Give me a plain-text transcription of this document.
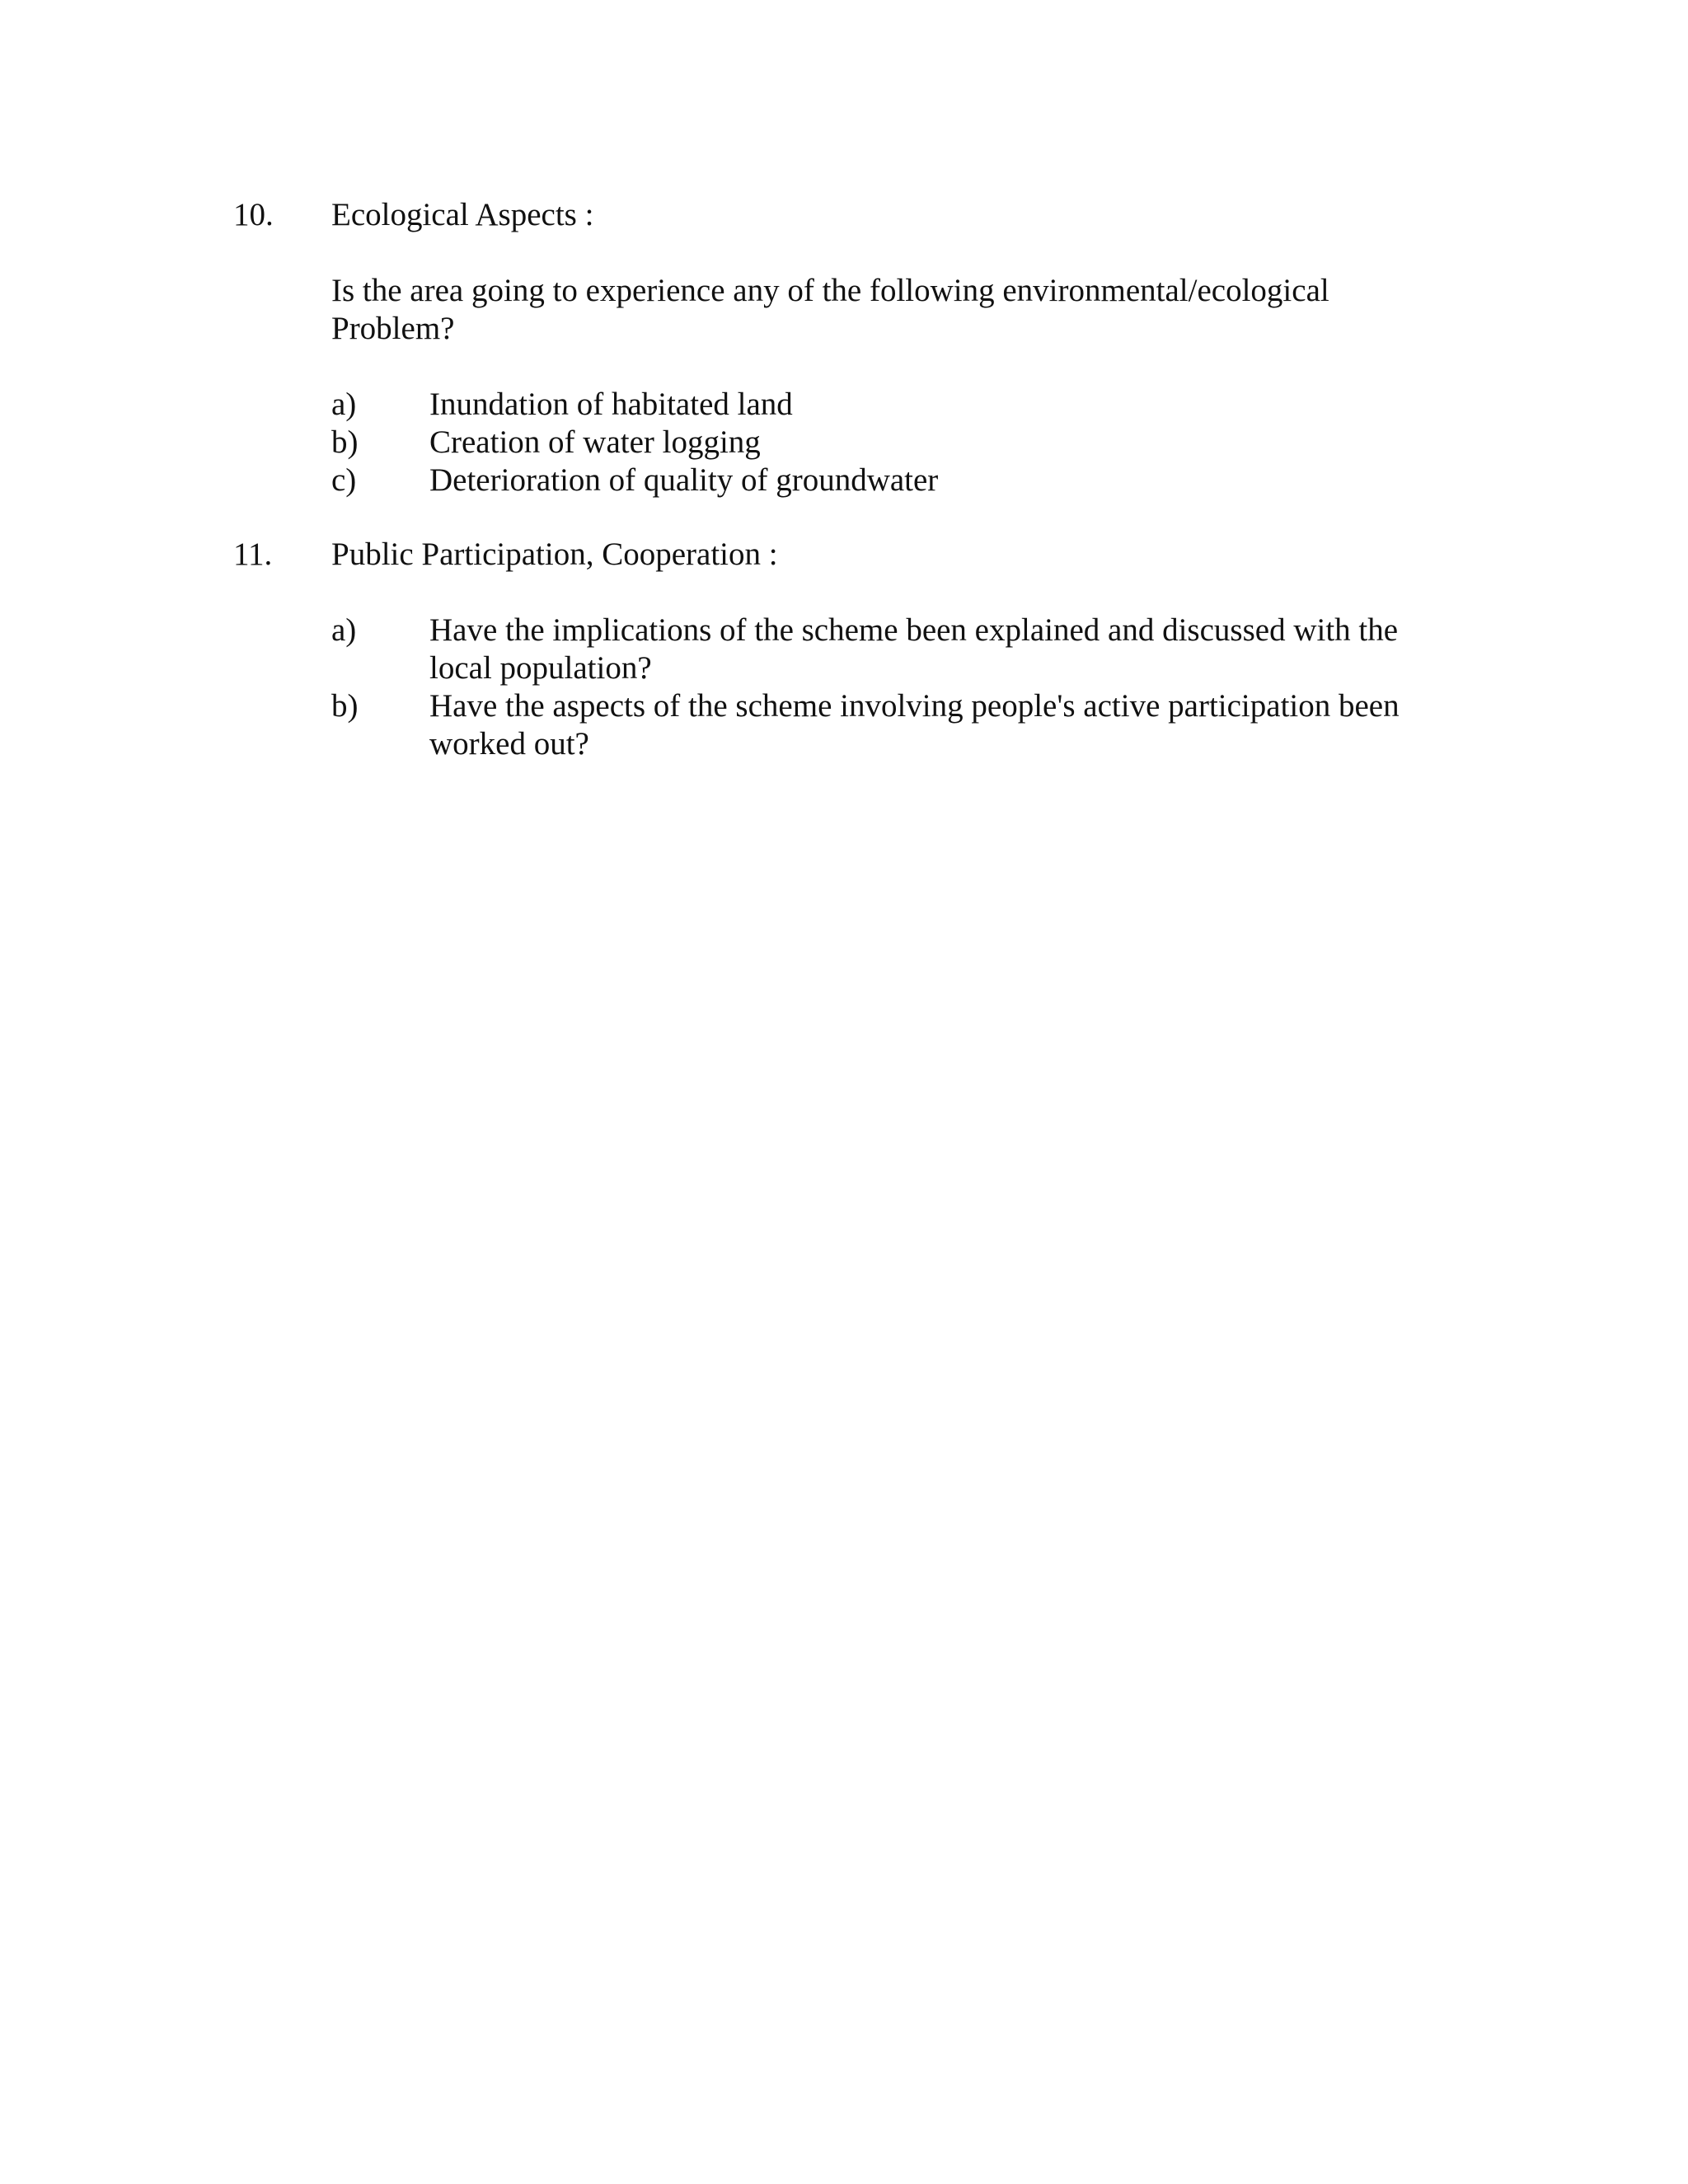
10.	Ecological Aspects :
Is the area going to experience any of the following environmental/ecological Problem?
a)	Inundation of habitated land
b)	Creation of water logging
c)	Deterioration of quality of groundwater
11.	Public Participation, Cooperation :
a)	Have the implications of the scheme been explained and discussed with the local population?
b)	Have the aspects of the scheme involving people's active participation been worked out?
